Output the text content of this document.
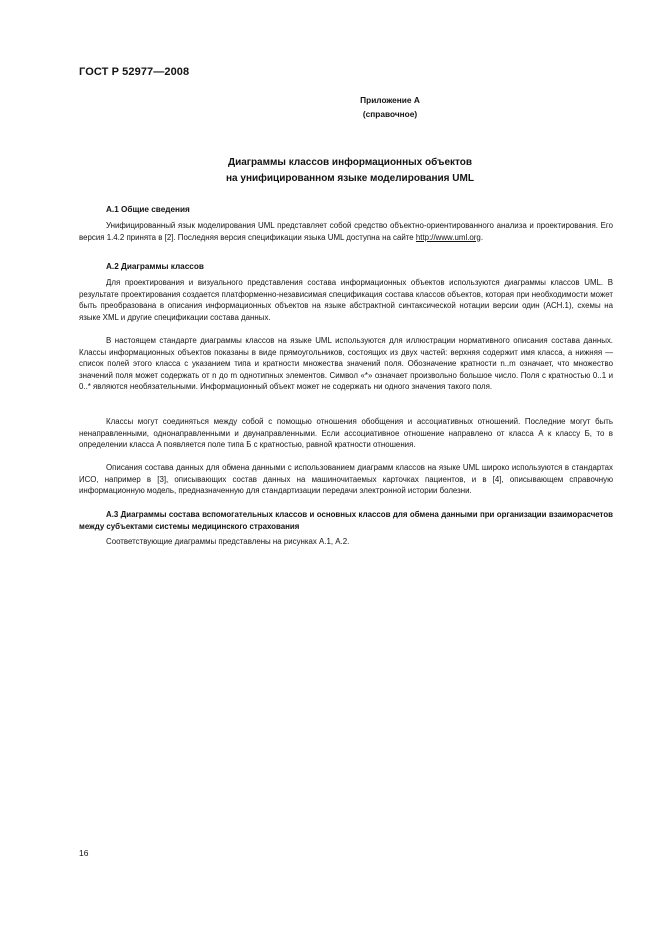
ГОСТ Р 52977—2008
Приложение А
(справочное)
Диаграммы классов информационных объектов
на унифицированном языке моделирования UML
А.1 Общие сведения
Унифицированный язык моделирования UML представляет собой средство объектно-ориентированного анализа и проектирования. Его версия 1.4.2 принята в [2]. Последняя версия спецификации языка UML доступна на сайте http://www.uml.org.
А.2 Диаграммы классов
Для проектирования и визуального представления состава информационных объектов используются диаграммы классов UML. В результате проектирования создается платформенно-независимая спецификация состава классов объектов, которая при необходимости может быть преобразована в описания информационных объектов на языке абстрактной синтаксической нотации версии один (АСН.1), схемы на языке XML и другие спецификации состава данных.
В настоящем стандарте диаграммы классов на языке UML используются для иллюстрации нормативного описания состава данных. Классы информационных объектов показаны в виде прямоугольников, состоящих из двух частей: верхняя содержит имя класса, а нижняя — список полей этого класса с указанием типа и кратности множества значений поля. Обозначение кратности n..m означает, что множество значений поля может содержать от n до m однотипных элементов. Символ «*» означает произвольно большое число. Поля с кратностью 0..1 и 0..* являются необязательными. Информационный объект может не содержать ни одного значения такого поля.
Классы могут соединяться между собой с помощью отношения обобщения и ассоциативных отношений. Последние могут быть ненаправленными, однонаправленными и двунаправленными. Если ассоциативное отношение направлено от класса А к классу Б, то в определении класса А появляется поле типа Б с кратностью, равной кратности отношения.
Описания состава данных для обмена данными с использованием диаграмм классов на языке UML широко используются в стандартах ИСО, например в [3], описывающих состав данных на машиночитаемых карточках пациентов, и в [4], описывающем справочную информационную модель, предназначенную для стандартизации передачи электронной истории болезни.
А.3 Диаграммы состава вспомогательных классов и основных классов для обмена данными при организации взаиморасчетов между субъектами системы медицинского страхования
Соответствующие диаграммы представлены на рисунках А.1, А.2.
16
